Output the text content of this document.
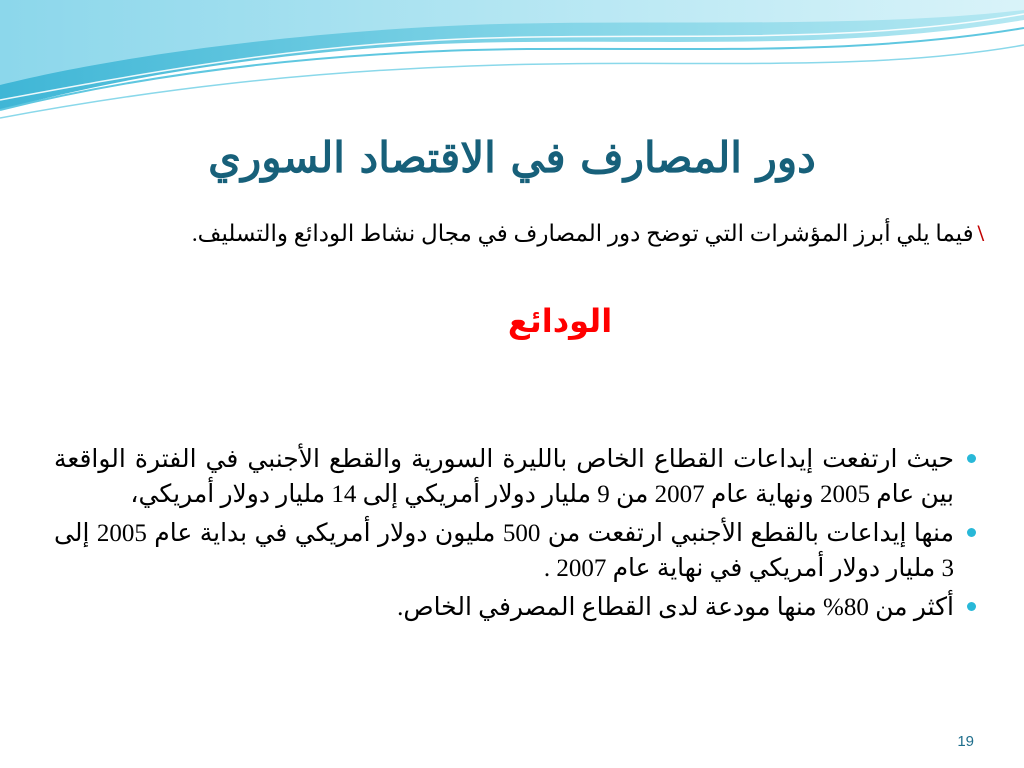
دور المصارف في الاقتصاد السوري
\فيما يلي أبرز المؤشرات التي توضح دور المصارف في مجال نشاط الودائع والتسليف.
الودائع
حيث ارتفعت إيداعات القطاع الخاص بالليرة السورية والقطع الأجنبي في الفترة الواقعة بين عام 2005 ونهاية عام 2007 من 9 مليار دولار أمريكي إلى 14 مليار دولار أمريكي،
منها إيداعات بالقطع الأجنبي ارتفعت من 500 مليون دولار أمريكي في بداية عام 2005 إلى 3 مليار دولار أمريكي في نهاية عام 2007 .
أكثر من 80% منها مودعة لدى القطاع المصرفي الخاص.
19
